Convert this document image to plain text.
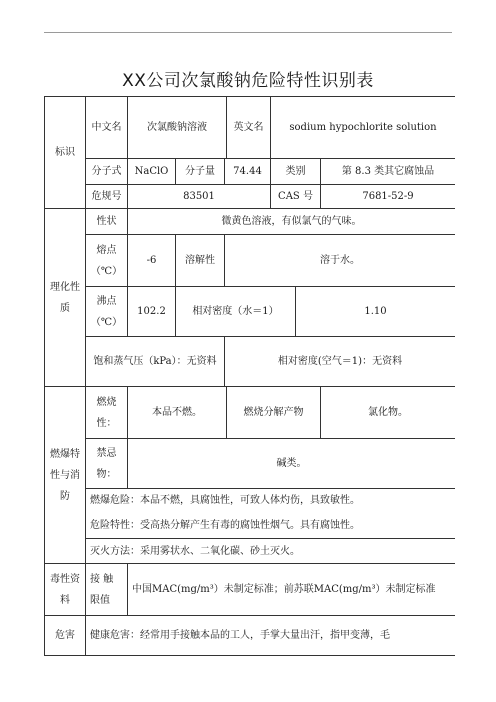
XX公司次氯酸钠危险特性识别表
标识	中文名	次氯酸钠溶液			英文名	sodium hypochlorite solution		
	分子式	NaClO	分子量	74.44		类别		第 8.3 类其它腐蚀品
	危规号	83501				CAS 号		7681-52-9
理化性质	性状	微黄色溶液，有似氯气的气味。						
	熔点（℃）	-6	溶解性	溶于水。				
	沸点（℃）	102.2	相对密度（水＝1）				1.10	
	饱和蒸气压（kPa）：无资料			相对密度(空气＝1)：无资料				
燃爆特性与消防	燃烧性：	本品不燃。			燃烧分解产物			氯化物。
	禁忌物：	碱类。						
	燃爆危险：本品不燃，具腐蚀性，可致人体灼伤，具致敏性。							
	危险特性：受高热分解产生有毒的腐蚀性烟气。具有腐蚀性。							
	灭火方法：采用雾状水、二氧化碳、砂土灭火。							
毒性资料	接 触 限值	中国MAC(mg/m³）未制定标准；前苏联MAC(mg/m³）未制定标准						
危害	健康危害：经常用手接触本品的工人，手掌大量出汗，指甲变薄，毛							
